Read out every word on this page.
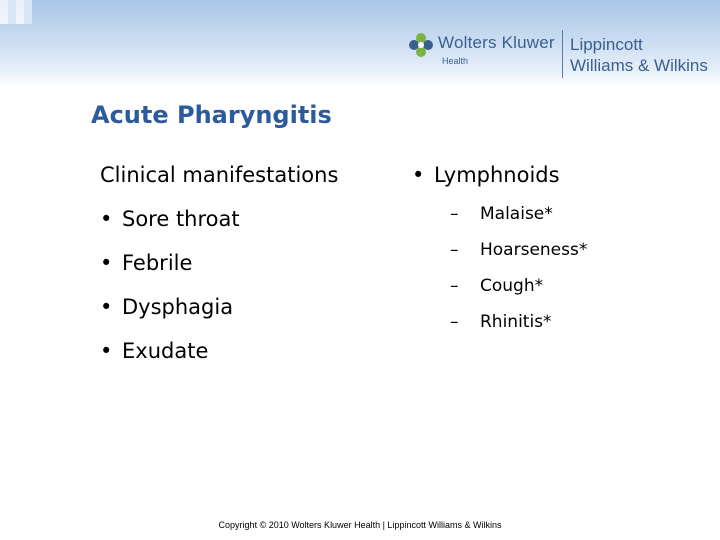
Wolters Kluwer
Health
Lippincott
Williams & Wilkins
Acute Pharyngitis

Clinical manifestations

• Sore throat
• Febrile
• Dysphagia
• Exudate

• Lymphnoids

– Malaise*
– Hoarseness*
– Cough*
– Rhinitis*
Copyright © 2010 Wolters Kluwer Health | Lippincott Williams & Wilkins
